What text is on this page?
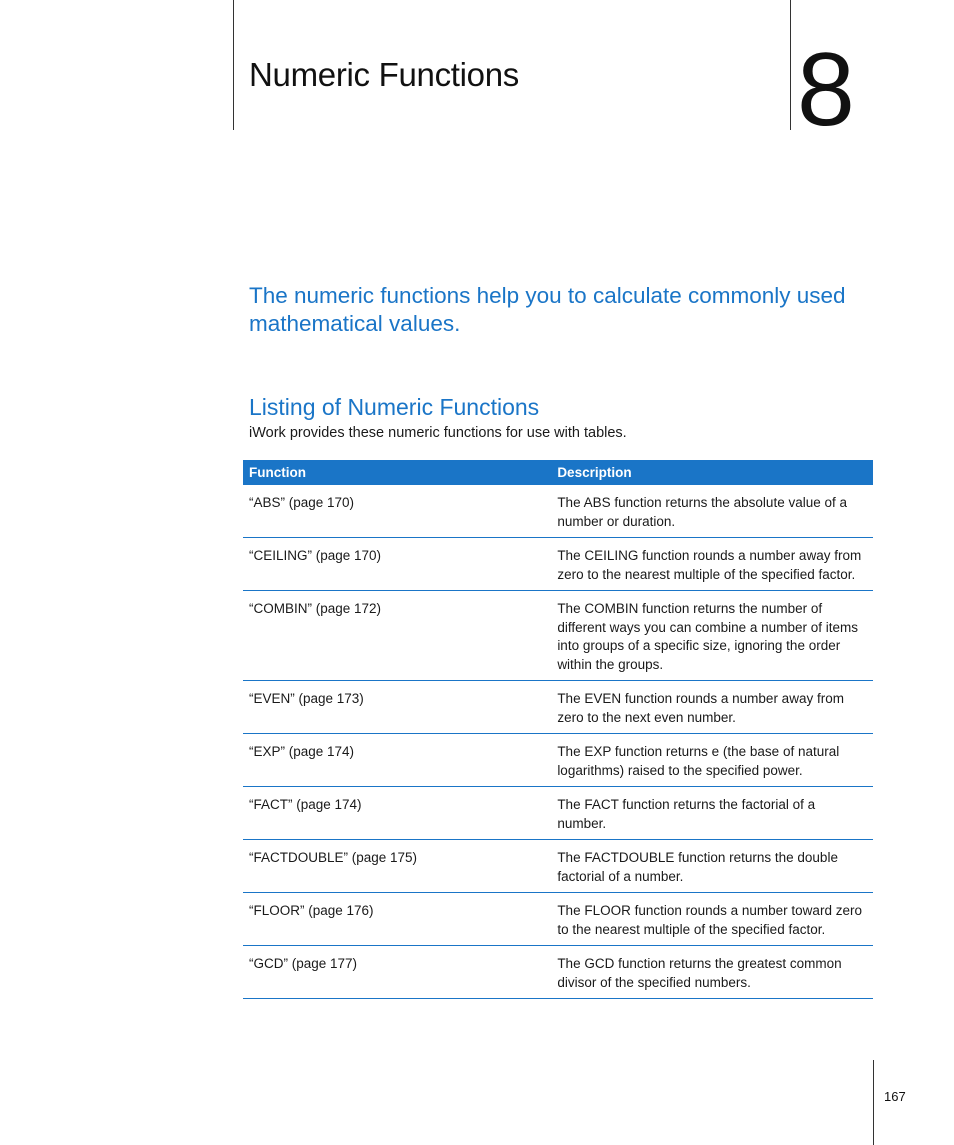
Numeric Functions	8

The numeric functions help you to calculate commonly used mathematical values.

Listing of Numeric Functions

iWork provides these numeric functions for use with tables.

Function	Description
“ABS” (page 170)	The ABS function returns the absolute value of a number or duration.
“CEILING” (page 170)	The CEILING function rounds a number away from zero to the nearest multiple of the specified factor.
“COMBIN” (page 172)	The COMBIN function returns the number of different ways you can combine a number of items into groups of a specific size, ignoring the order within the groups.
“EVEN” (page 173)	The EVEN function rounds a number away from zero to the next even number.
“EXP” (page 174)	The EXP function returns e (the base of natural logarithms) raised to the specified power.
“FACT” (page 174)	The FACT function returns the factorial of a number.
“FACTDOUBLE” (page 175)	The FACTDOUBLE function returns the double factorial of a number.
“FLOOR” (page 176)	The FLOOR function rounds a number toward zero to the nearest multiple of the specified factor.
“GCD” (page 177)	The GCD function returns the greatest common divisor of the specified numbers.
167
